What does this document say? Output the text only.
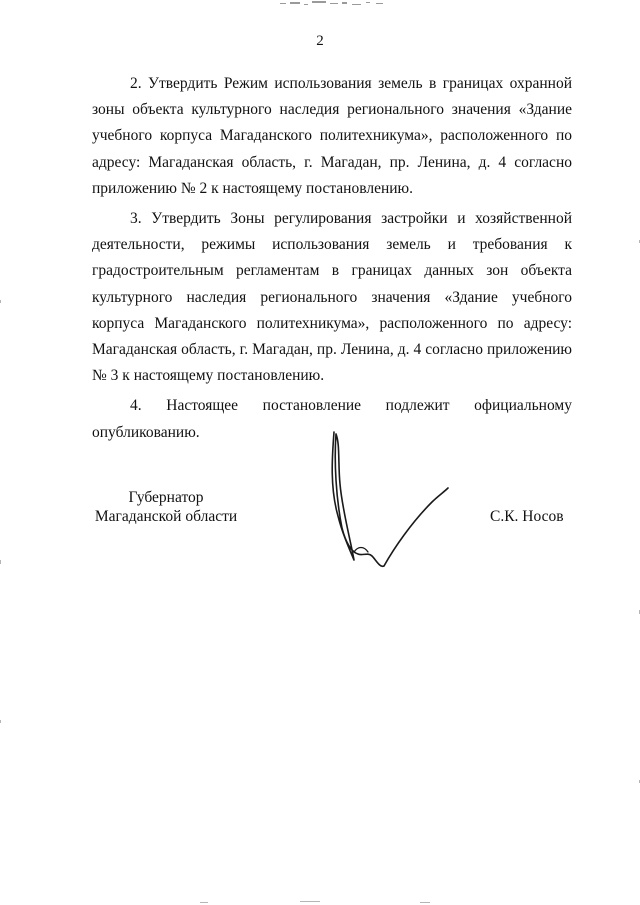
2

2. Утвердить Режим использования земель в границах охранной зоны объекта культурного наследия регионального значения «Здание учебного корпуса Магаданского политехникума», расположенного по адресу: Магаданская область, г. Магадан, пр. Ленина, д. 4 согласно приложению № 2 к настоящему постановлению.

3. Утвердить Зоны регулирования застройки и хозяйственной деятельности, режимы использования земель и требования к градостроительным регламентам в границах данных зон объекта культурного наследия регионального значения «Здание учебного корпуса Магаданского политехникума», расположенного по адресу: Магаданская область, г. Магадан, пр. Ленина, д. 4 согласно приложению № 3 к настоящему постановлению.

4. Настоящее постановление подлежит официальному опубликованию.

Губернатор
Магаданской области	С.К. Носов
